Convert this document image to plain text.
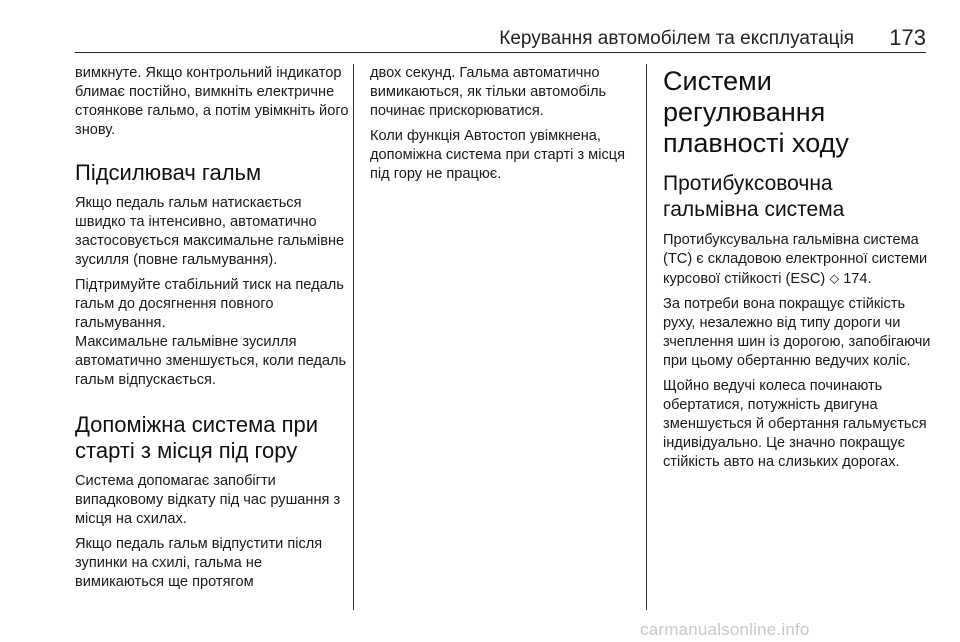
Керування автомобілем та експлуатація 173

вимкнуте. Якщо контрольний індикатор блимає постійно, вимкніть електричне стоянкове гальмо, а потім увімкніть його знову.

Підсилювач гальм

Якщо педаль гальм натискається швидко та інтенсивно, автоматично застосовується максимальне гальмівне зусилля (повне гальмування).

Підтримуйте стабільний тиск на педаль гальм до досягнення повного гальмування.

Максимальне гальмівне зусилля автоматично зменшується, коли педаль гальм відпускається.

Допоміжна система при старті з місця під гору

Система допомагає запобігти випадковому відкату під час рушання з місця на схилах.

Якщо педаль гальм відпустити після зупинки на схилі, гальма не вимикаються ще протягом

двох секунд. Гальма автоматично вимикаються, як тільки автомобіль починає прискорюватися.

Коли функція Автостоп увімкнена, допоміжна система при старті з місця під гору не працює.

Системи регулювання плавності ходу
Протибуксовочна гальмівна система

Протибуксувальна гальмівна система (ТС) є складовою електронної системи курсової стійкості (ESC) ⬦ 174.

За потреби вона покращує стійкість руху, незалежно від типу дороги чи зчеплення шин із дорогою, запобігаючи при цьому обертанню ведучих коліс.

Щойно ведучі колеса починають обертатися, потужність двигуна зменшується й обертання гальмується індивідуально. Це значно покращує стійкість авто на слизьких дорогах.

carmanualsonline.info
